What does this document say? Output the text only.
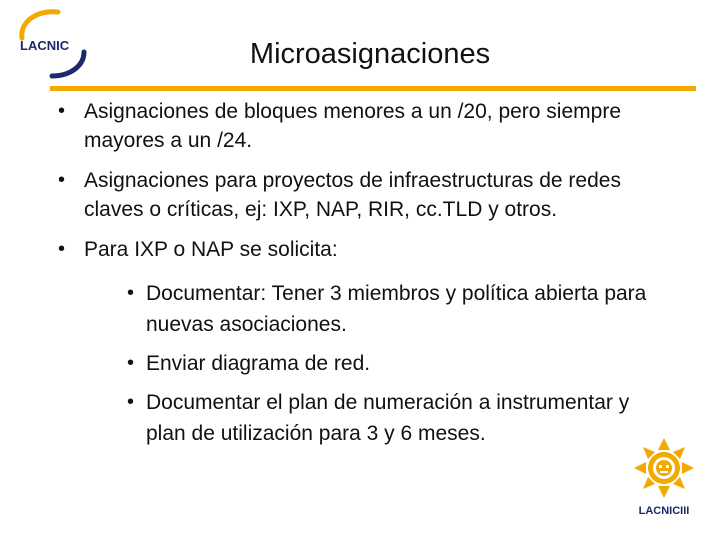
LACNIC	Microasignaciones
• Asignaciones de bloques menores a un /20, pero siempre mayores a un /24.
• Asignaciones para proyectos de infraestructuras de redes claves o críticas, ej: IXP, NAP, RIR, cc.TLD y otros.
• Para IXP o NAP se solicita:
• Documentar: Tener 3 miembros y política abierta para nuevas asociaciones.
• Enviar diagrama de red.
• Documentar el plan de numeración a instrumentar y plan de utilización para 3 y 6 meses.
LACNICIII
